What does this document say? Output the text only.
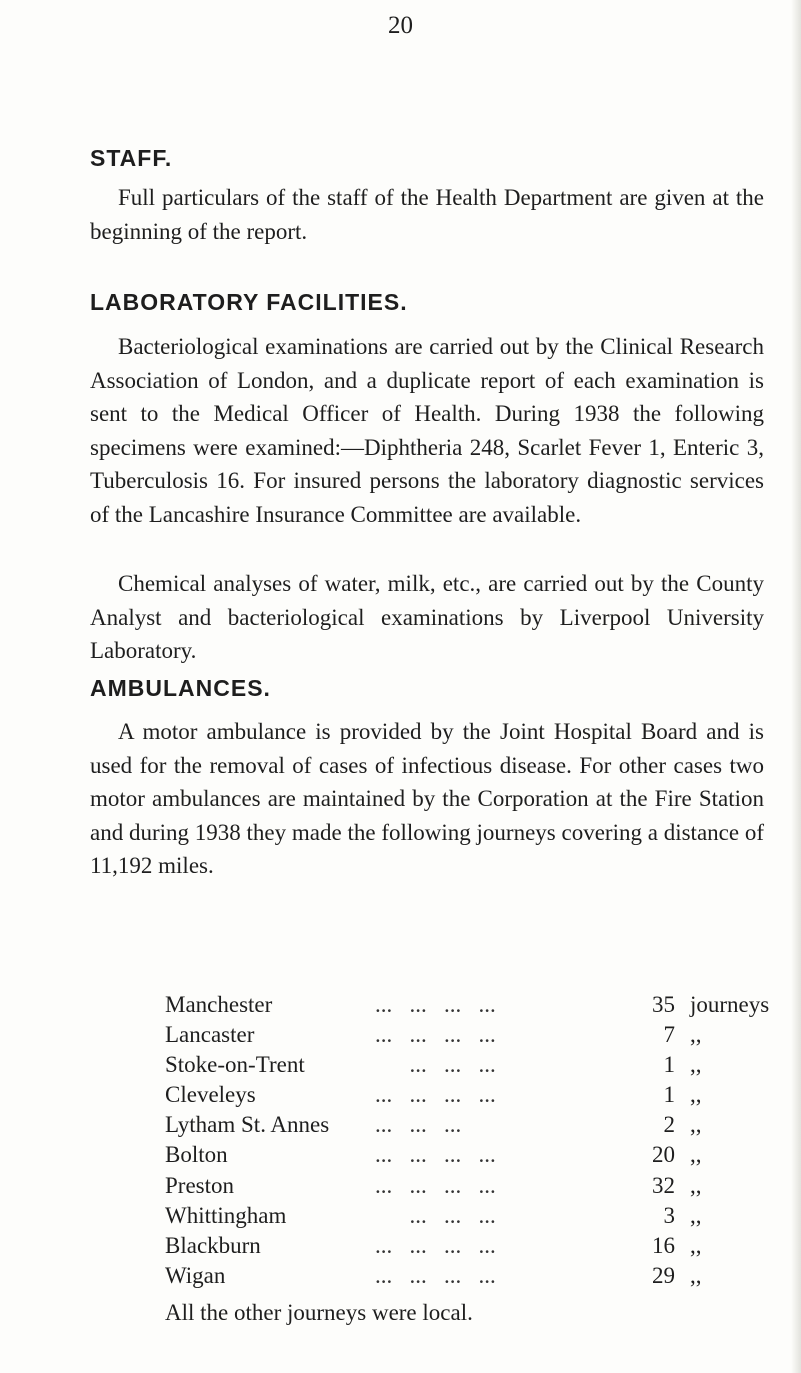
20
STAFF.

Full particulars of the staff of the Health Department are given at the beginning of the report.

LABORATORY FACILITIES.

Bacteriological examinations are carried out by the Clinical Research Association of London, and a duplicate report of each examination is sent to the Medical Officer of Health. During 1938 the following specimens were examined:—Diphtheria 248, Scarlet Fever 1, Enteric 3, Tuberculosis 16. For insured persons the laboratory diagnostic services of the Lancashire Insurance Committee are available.

Chemical analyses of water, milk, etc., are carried out by the County Analyst and bacteriological examinations by Liverpool University Laboratory.

AMBULANCES.

A motor ambulance is provided by the Joint Hospital Board and is used for the removal of cases of infectious disease. For other cases two motor ambulances are maintained by the Corporation at the Fire Station and during 1938 they made the following journeys covering a distance of 11,192 miles.

Manchester	...   ...   ...   ...	35 journeys
Lancaster	...   ...   ...   ...	7 ,,
Stoke-on-Trent	...   ...   ...	1 ,,
Cleveleys	...   ...   ...   ...	1 ,,
Lytham St. Annes ...   ...   ...	2 ,,
Bolton	...   ...   ...   ...	20 ,,
Preston	...   ...   ...   ...	32 ,,
Whittingham	...   ...   ...	3 ,,
Blackburn	...   ...   ...   ...	16 ,,
Wigan	...   ...   ...   ...	29 ,,
All the other journeys were local.
